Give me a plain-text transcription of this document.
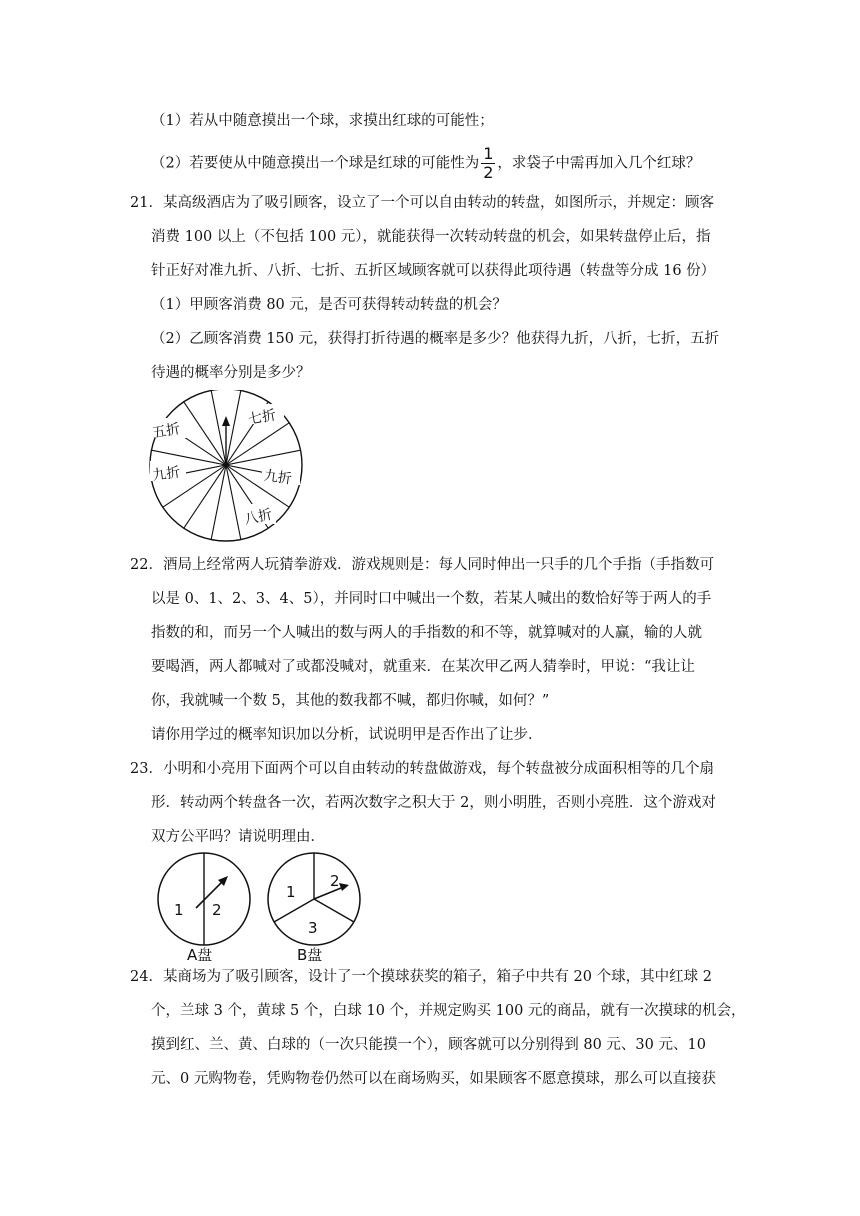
（1）若从中随意摸出一个球，求摸出红球的可能性；
（2）若要使从中随意摸出一个球是红球的可能性为 $\frac{1}{2}$ ，求袋子中需再加入几个红球？
21．某高级酒店为了吸引顾客，设立了一个可以自由转动的转盘，如图所示，并规定：顾客
消费 100 以上（不包括 100 元），就能获得一次转动转盘的机会，如果转盘停止后，指
针正好对准九折、八折、七折、五折区域顾客就可以获得此项待遇（转盘等分成 16 份）
（1）甲顾客消费 80 元，是否可获得转动转盘的机会？
（2）乙顾客消费 150 元，获得打折待遇的概率是多少？他获得九折，八折，七折，五折
待遇的概率分别是多少？
五折
七折
九折	九折
八折
22．酒局上经常两人玩猜拳游戏．游戏规则是：每人同时伸出一只手的几个手指（手指数可
以是 0、1、2、3、4、5），并同时口中喊出一个数，若某人喊出的数恰好等于两人的手
指数的和，而另一个人喊出的数与两人的手指数的和不等，就算喊对的人赢，输的人就
要喝酒，两人都喊对了或都没喊对，就重来．在某次甲乙两人猜拳时，甲说：“我让让
你，我就喊一个数 5，其他的数我都不喊，都归你喊，如何？”
请你用学过的概率知识加以分析，试说明甲是否作出了让步．
23．小明和小亮用下面两个可以自由转动的转盘做游戏，每个转盘被分成面积相等的几个扇
形．转动两个转盘各一次，若两次数字之积大于 2，则小明胜，否则小亮胜．这个游戏对
双方公平吗？请说明理由．
1 2
A盘
1
2
3
B盘
24．某商场为了吸引顾客，设计了一个摸球获奖的箱子，箱子中共有 20 个球，其中红球 2
个，兰球 3 个，黄球 5 个，白球 10 个，并规定购买 100 元的商品，就有一次摸球的机会，
摸到红、兰、黄、白球的（一次只能摸一个），顾客就可以分别得到 80 元、30 元、10
元、0 元购物卷，凭购物卷仍然可以在商场购买，如果顾客不愿意摸球，那么可以直接获
